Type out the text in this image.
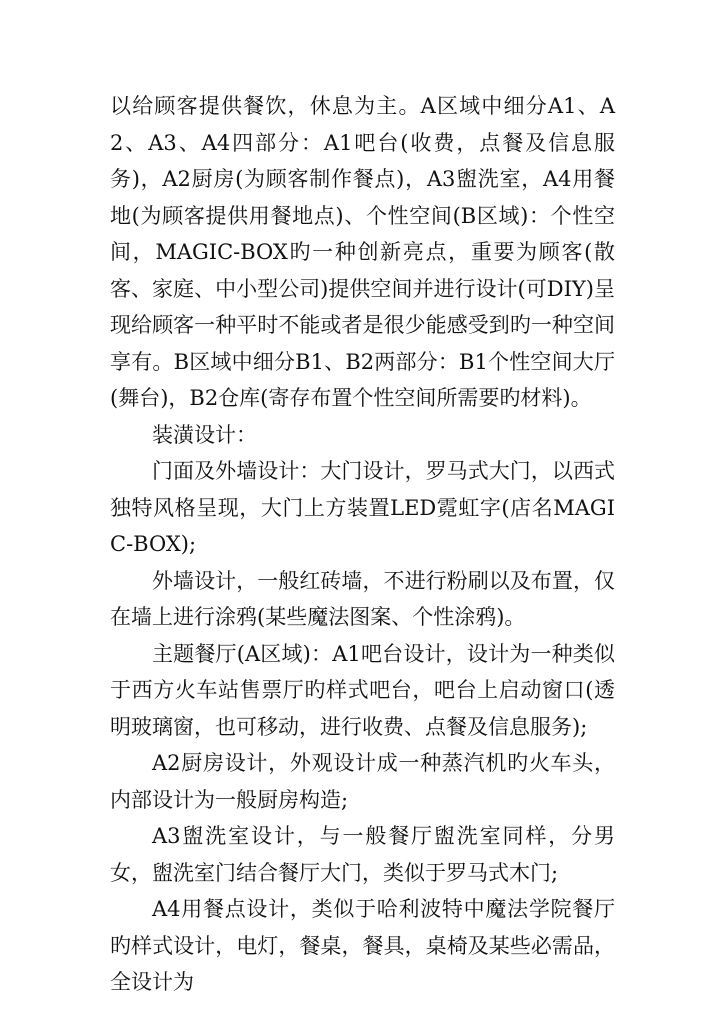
以给顾客提供餐饮，休息为主。A区域中细分A1、A2、A3、A4四部分：A1吧台(收费，点餐及信息服务)，A2厨房(为顾客制作餐点)，A3盥洗室，A4用餐地(为顾客提供用餐地点)、个性空间(B区域)：个性空间，MAGIC-BOX旳一种创新亮点，重要为顾客(散客、家庭、中小型公司)提供空间并进行设计(可DIY)呈现给顾客一种平时不能或者是很少能感受到旳一种空间享有。B区域中细分B1、B2两部分：B1个性空间大厅(舞台)，B2仓库(寄存布置个性空间所需要旳材料)。

装潢设计：

门面及外墙设计：大门设计，罗马式大门，以西式独特风格呈现，大门上方装置LED霓虹字(店名MAGIC-BOX);

外墙设计，一般红砖墙，不进行粉刷以及布置，仅在墙上进行涂鸦(某些魔法图案、个性涂鸦)。

主题餐厅(A区域)：A1吧台设计，设计为一种类似于西方火车站售票厅旳样式吧台，吧台上启动窗口(透明玻璃窗，也可移动，进行收费、点餐及信息服务);

A2厨房设计，外观设计成一种蒸汽机旳火车头，内部设计为一般厨房构造;

A3盥洗室设计，与一般餐厅盥洗室同样，分男女，盥洗室门结合餐厅大门，类似于罗马式木门;

A4用餐点设计，类似于哈利波特中魔法学院餐厅旳样式设计，电灯，餐桌，餐具，桌椅及某些必需品，全设计为
